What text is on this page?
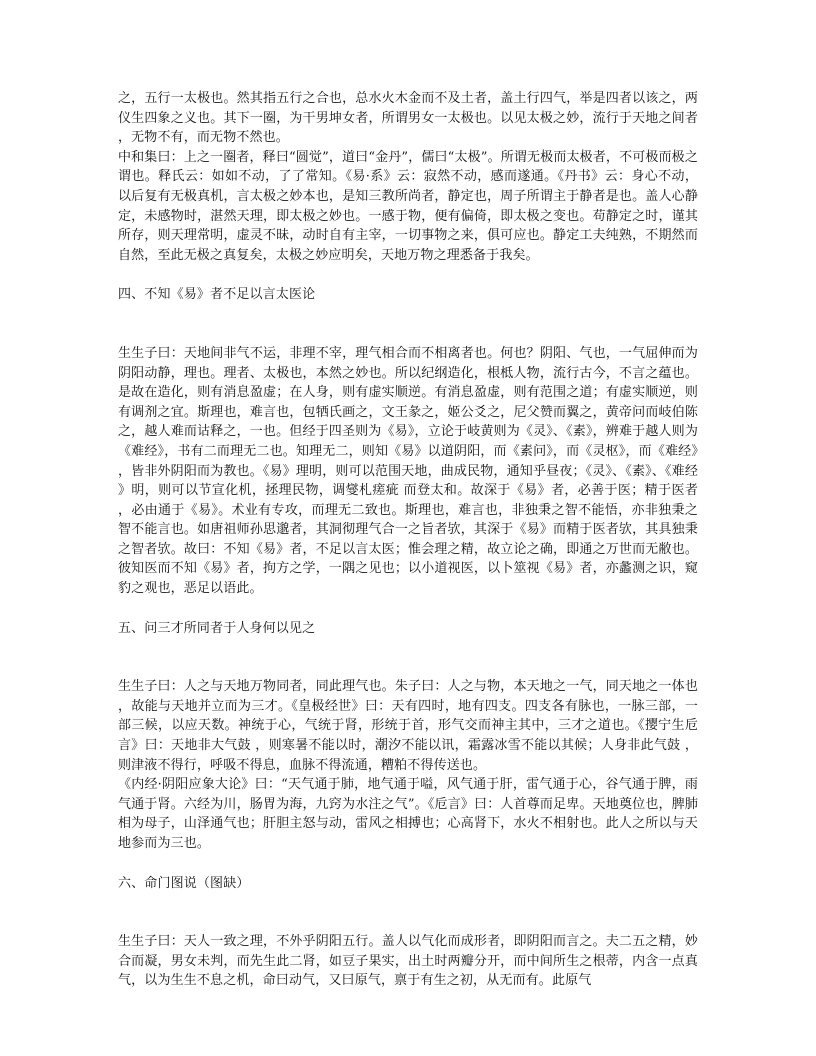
之，五行一太极也。然其指五行之合也，总水火木金而不及土者，盖土行四气，举是四者以该之，两仪生四象之义也。其下一圈，为干男坤女者，所谓男女一太极也。以见太极之妙，流行于天地之间者，无物不有，而无物不然也。

中和集曰：上之一圈者，释曰“圆觉”，道曰“金丹”，儒曰“太极”。所谓无极而太极者，不可极而极之谓也。释氏云：如如不动，了了常知。《易·系》云：寂然不动，感而遂通。《丹书》云：身心不动，以后复有无极真机，言太极之妙本也，是知三教所尚者，静定也，周子所谓主于静者是也。盖人心静定，未感物时，湛然天理，即太极之妙也。一感于物，便有偏倚，即太极之变也。苟静定之时，谨其所存，则天理常明，虚灵不昧，动时自有主宰，一切事物之来，俱可应也。静定工夫纯熟，不期然而自然，至此无极之真复矣，太极之妙应明矣，天地万物之理悉备于我矣。

四、不知《易》者不足以言太医论

生生子曰：天地间非气不运，非理不宰，理气相合而不相离者也。何也？阴阳、气也，一气屈伸而为阴阳动静，理也。理者、太极也，本然之妙也。所以纪纲造化，根柢人物，流行古今，不言之蕴也。是故在造化，则有消息盈虚；在人身，则有虚实顺逆。有消息盈虚，则有范围之道；有虚实顺逆，则有调剂之宜。斯理也，难言也，包牺氏画之，文王彖之，姬公爻之，尼父赞而翼之，黄帝问而岐伯陈之，越人难而诂释之，一也。但经于四圣则为《易》，立论于岐黄则为《灵》、《素》，辨难于越人则为《难经》，书有二而理无二也。知理无二，则知《易》以道阴阳，而《素问》，而《灵枢》，而《难经》，皆非外阴阳而为教也。《易》理明，则可以范围天地，曲成民物，通知乎昼夜；《灵》、《素》、《难经》明，则可以节宣化机，拯理民物，调燮札瘥疵 而登太和。故深于《易》者，必善于医；精于医者，必由通于《易》。术业有专攻，而理无二致也。斯理也，难言也，非独秉之智不能悟，亦非独秉之智不能言也。如唐祖师孙思邈者，其洞彻理气合一之旨者欤，其深于《易》而精于医者欤，其具独秉之智者欤。故曰：不知《易》者，不足以言太医；惟会理之精，故立论之确，即通之万世而无敝也。彼知医而不知《易》者，拘方之学，一隅之见也；以小道视医，以卜筮视《易》者，亦蠡测之识，窥豹之观也，恶足以语此。

五、问三才所同者于人身何以见之

生生子曰：人之与天地万物同者，同此理气也。朱子曰：人之与物，本天地之一气，同天地之一体也，故能与天地并立而为三才。《皇极经世》曰：天有四时，地有四支。四支各有脉也，一脉三部，一部三候，以应天数。神统于心，气统于肾，形统于首，形气交而神主其中，三才之道也。《撄宁生卮言》曰：天地非大气鼓 ，则寒暑不能以时，潮汐不能以讯，霜露冰雪不能以其候；人身非此气鼓 ，则津液不得行，呼吸不得息，血脉不得流通，糟粕不得传送也。

《内经·阴阳应象大论》曰：“天气通于肺，地气通于嗌，风气通于肝，雷气通于心，谷气通于脾，雨气通于肾。六经为川，肠胃为海，九窍为水注之气”。《卮言》曰：人首尊而足卑。天地奠位也，脾肺相为母子，山泽通气也；肝胆主怒与动，雷风之相搏也；心高肾下，水火不相射也。此人之所以与天地参而为三也。

六、命门图说（图缺）

生生子曰：天人一致之理，不外乎阴阳五行。盖人以气化而成形者，即阴阳而言之。夫二五之精，妙合而凝，男女未判，而先生此二肾，如豆子果实，出土时两瓣分开，而中间所生之根蒂，内含一点真气，以为生生不息之机，命曰动气，又曰原气，禀于有生之初，从无而有。此原气
